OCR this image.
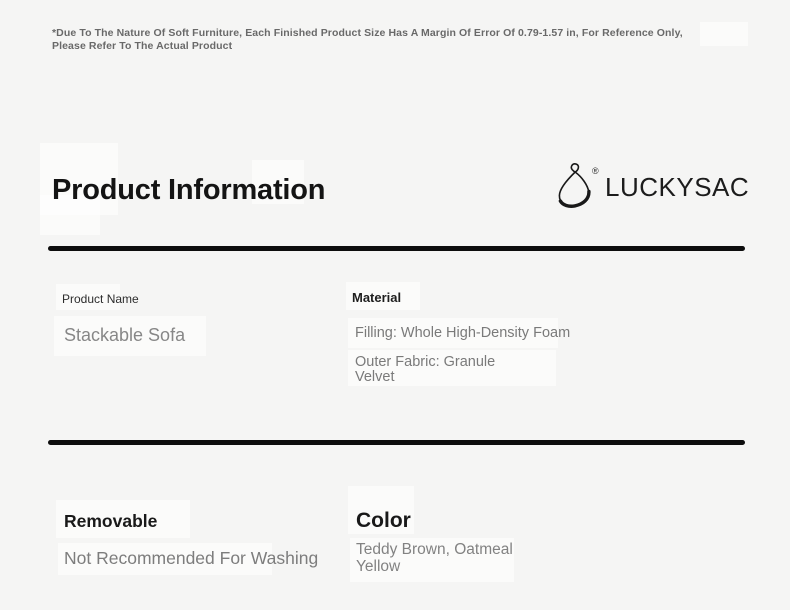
*Due To The Nature Of Soft Furniture, Each Finished Product Size Has A Margin Of Error Of 0.79-1.57 in, For Reference Only,
Please Refer To The Actual Product
Product Information
®
LUCKYSAC
Product Name
Stackable Sofa
Material
Filling: Whole High-Density Foam
Outer Fabric: Granule Velvet
Removable
Not Recommended For Washing
Color
Teddy Brown, Oatmeal Yellow
